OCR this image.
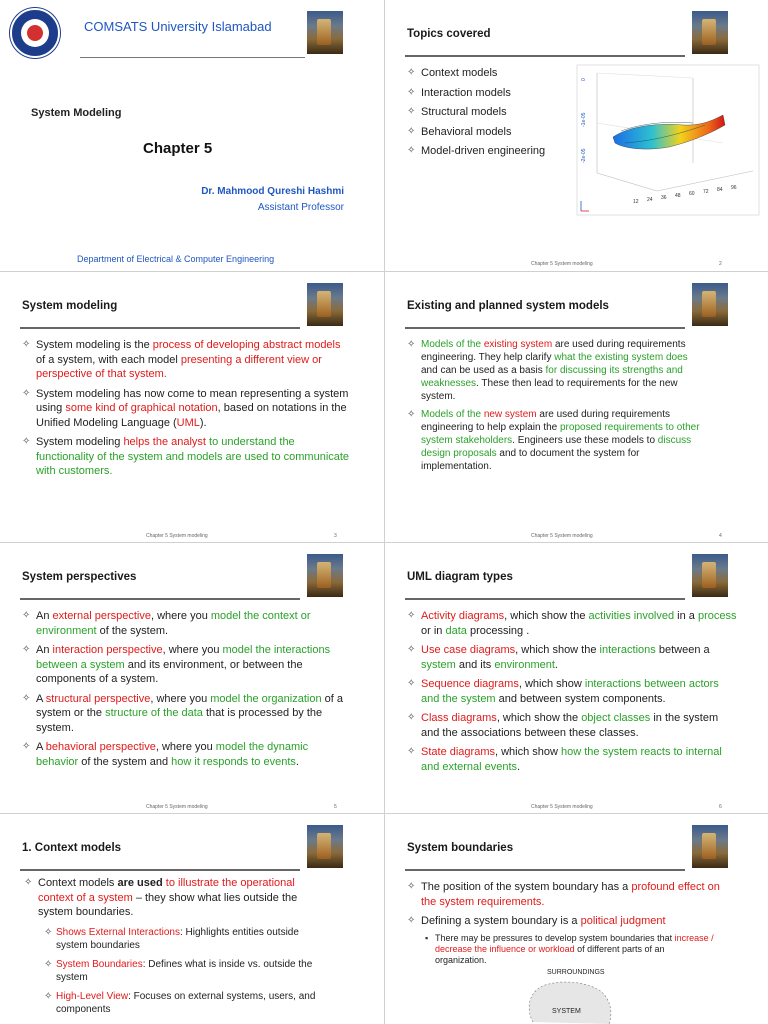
COMSATS University Islamabad
System Modeling
Chapter 5
Dr. Mahmood Qureshi Hashmi
Assistant Professor
Department of Electrical & Computer Engineering
Topics covered
✧ Context models
✧ Interaction models
✧ Structural models
✧ Behavioral models
✧ Model-driven engineering
0
-1e-05
-2e-05
12 24 36 48 60 72 84 96
Chapter 5 System modeling	2
System modeling
✧ System modeling is the process of developing abstract models of a system, with each model presenting a different view or perspective of that system.
✧ System modeling has now come to mean representing a system using some kind of graphical notation, based on notations in the Unified Modeling Language (UML).
✧ System modeling helps the analyst to understand the functionality of the system and models are used to communicate with customers.
Chapter 5 System modeling	3
Existing and planned system models
✧ Models of the existing system are used during requirements engineering. They help clarify what the existing system does and can be used as a basis for discussing its strengths and weaknesses. These then lead to requirements for the new system.
✧ Models of the new system are used during requirements engineering to help explain the proposed requirements to other system stakeholders. Engineers use these models to discuss design proposals and to document the system for implementation.
Chapter 5 System modeling	4
System perspectives
✧ An external perspective, where you model the context or environment of the system.
✧ An interaction perspective, where you model the interactions between a system and its environment, or between the components of a system.
✧ A structural perspective, where you model the organization of a system or the structure of the data that is processed by the system.
✧ A behavioral perspective, where you model the dynamic behavior of the system and how it responds to events.
Chapter 5 System modeling	5
UML diagram types
✧ Activity diagrams, which show the activities involved in a process or in data processing .
✧ Use case diagrams, which show the interactions between a system and its environment.
✧ Sequence diagrams, which show interactions between actors and the system and between system components.
✧ Class diagrams, which show the object classes in the system and the associations between these classes.
✧ State diagrams, which show how the system reacts to internal and external events.
Chapter 5 System modeling	6
1. Context models
✧ Context models are used to illustrate the operational context of a system – they show what lies outside the system boundaries.
✧ Shows External Interactions: Highlights entities outside system boundaries
✧ System Boundaries: Defines what is inside vs. outside the system
✧ High-Level View: Focuses on external systems, users, and components
System boundaries
✧ The position of the system boundary has a profound effect on the system requirements.
✧ Defining a system boundary is a political judgment
▪ There may be pressures to develop system boundaries that increase / decrease the influence or workload of different parts of an organization.
SURROUNDINGS
SYSTEM
